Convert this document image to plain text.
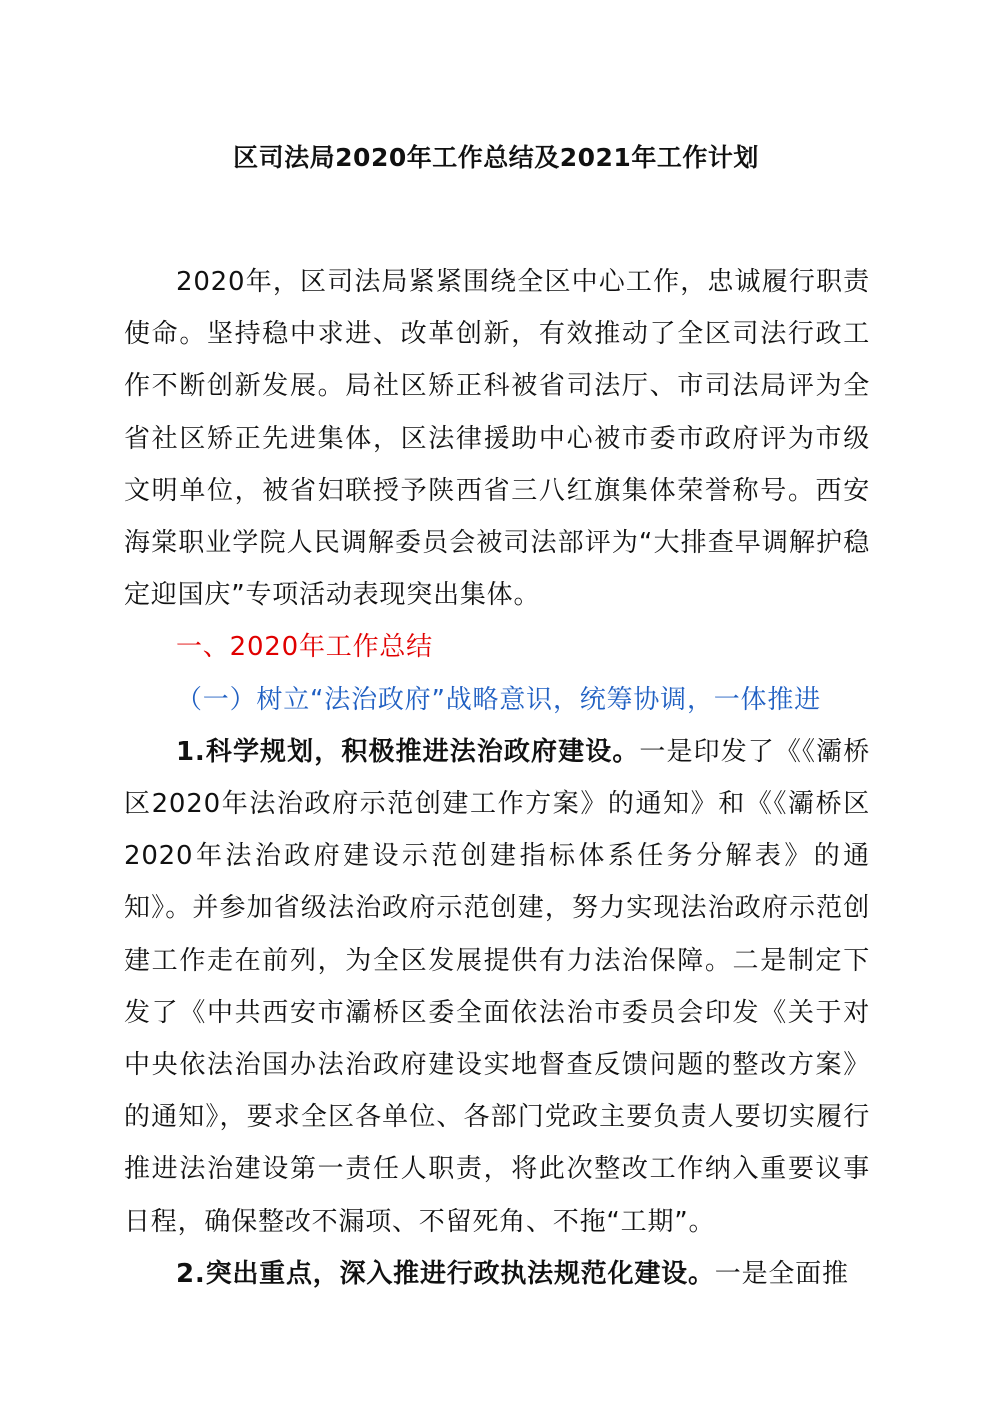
区司法局2020年工作总结及2021年工作计划

2020年，区司法局紧紧围绕全区中心工作，忠诚履行职责使命。坚持稳中求进、改革创新，有效推动了全区司法行政工作不断创新发展。局社区矫正科被省司法厅、市司法局评为全省社区矫正先进集体，区法律援助中心被市委市政府评为市级文明单位，被省妇联授予陕西省三八红旗集体荣誉称号。西安海棠职业学院人民调解委员会被司法部评为“大排查早调解护稳定迎国庆”专项活动表现突出集体。

一、2020年工作总结

（一）树立“法治政府”战略意识，统筹协调，一体推进

1.科学规划，积极推进法治政府建设。一是印发了《《灞桥区2020年法治政府示范创建工作方案》的通知》和《《灞桥区2020年法治政府建设示范创建指标体系任务分解表》的通知》。并参加省级法治政府示范创建，努力实现法治政府示范创建工作走在前列，为全区发展提供有力法治保障。二是制定下发了《中共西安市灞桥区委全面依法治市委员会印发《关于对中央依法治国办法治政府建设实地督查反馈问题的整改方案》的通知》，要求全区各单位、各部门党政主要负责人要切实履行推进法治建设第一责任人职责，将此次整改工作纳入重要议事日程，确保整改不漏项、不留死角、不拖“工期”。

2.突出重点，深入推进行政执法规范化建设。一是全面推
